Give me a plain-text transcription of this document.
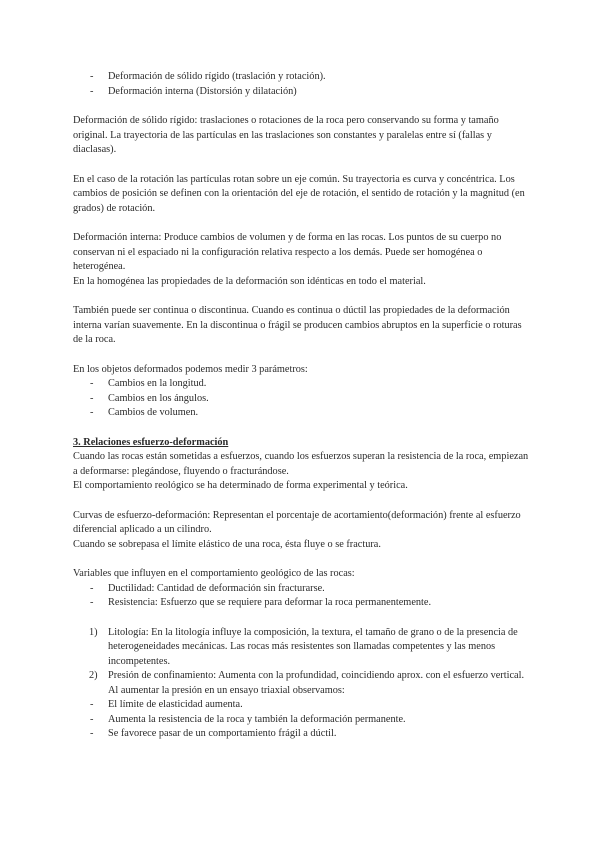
- Deformación de sólido rígido (traslación y rotación).
- Deformación interna (Distorsión y dilatación)

Deformación de sólido rígido: traslaciones o rotaciones de la roca pero conservando su forma y tamaño original. La trayectoria de las partículas en las traslaciones son constantes y paralelas entre sí (fallas y diaclasas).

En el caso de la rotación las partículas rotan sobre un eje común. Su trayectoria es curva y concéntrica. Los cambios de posición se definen con la orientación del eje de rotación, el sentido de rotación y la magnitud (en grados) de rotación.

Deformación interna: Produce cambios de volumen y de forma en las rocas. Los puntos de su cuerpo no conservan ni el espaciado ni la configuración relativa respecto a los demás. Puede ser homogénea o heterogénea.

En la homogénea las propiedades de la deformación son idénticas en todo el material.

También puede ser continua o discontinua. Cuando es continua o dúctil las propiedades de la deformación interna varían suavemente. En la discontinua o frágil se producen cambios abruptos en la superficie o roturas de la roca.

En los objetos deformados podemos medir 3 parámetros:

- Cambios en la longitud.
- Cambios en los ángulos.
- Cambios de volumen.

3. Relaciones esfuerzo-deformación

Cuando las rocas están sometidas a esfuerzos, cuando los esfuerzos superan la resistencia de la roca, empiezan a deformarse: plegándose, fluyendo o fracturándose.

El comportamiento reológico se ha determinado de forma experimental y teórica.

Curvas de esfuerzo-deformación: Representan el porcentaje de acortamiento(deformación) frente al esfuerzo diferencial aplicado a un cilindro.

Cuando se sobrepasa el límite elástico de una roca, ésta fluye o se fractura.

Variables que influyen en el comportamiento geológico de las rocas:

- Ductilidad: Cantidad de deformación sin fracturarse.
- Resistencia: Esfuerzo que se requiere para deformar la roca permanentemente.
1) Litología: En la litología influye la composición, la textura, el tamaño de grano o de la presencia de heterogeneidades mecánicas. Las rocas más resistentes son llamadas competentes y las menos incompetentes.
2) Presión de confinamiento: Aumenta con la profundidad, coincidiendo aprox. con el esfuerzo vertical. Al aumentar la presión en un ensayo triaxial observamos:
- El límite de elasticidad aumenta.
- Aumenta la resistencia de la roca y también la deformación permanente.
- Se favorece pasar de un comportamiento frágil a dúctil.
